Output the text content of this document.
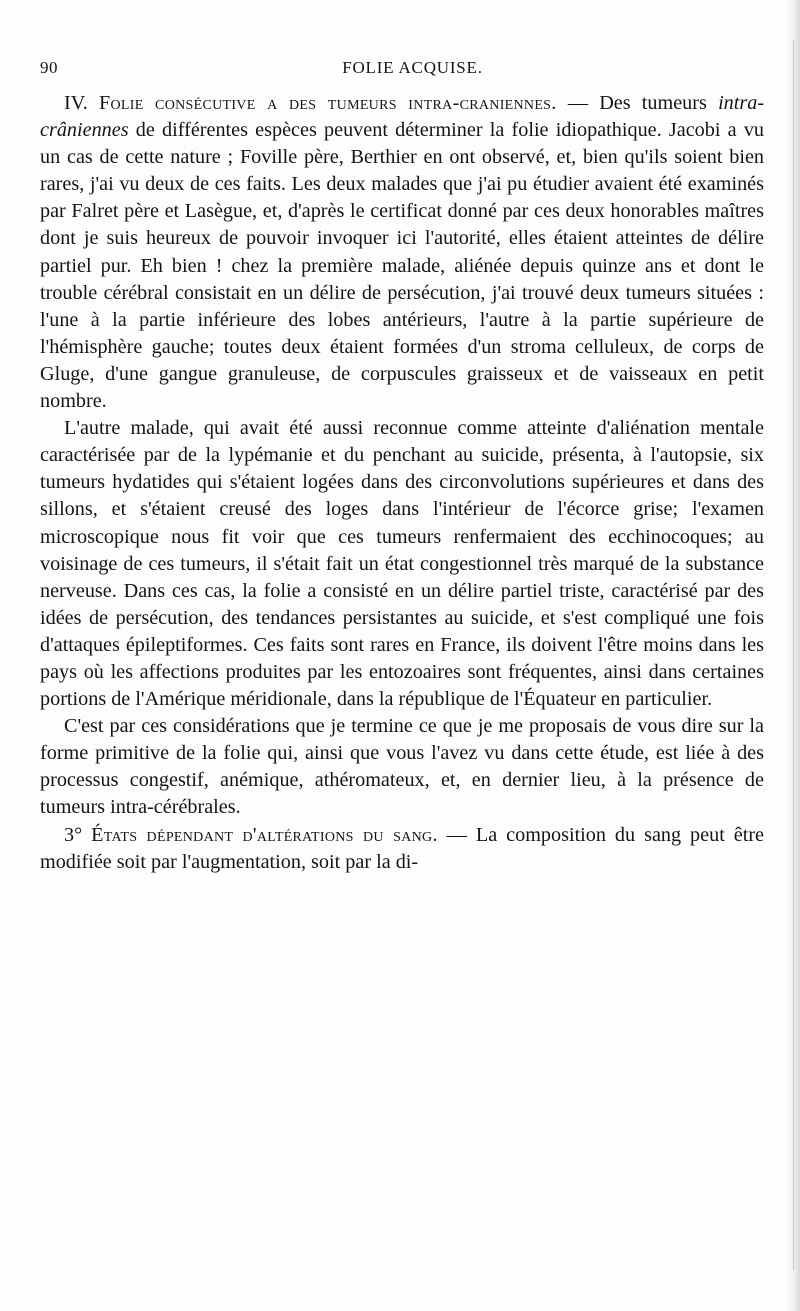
90	FOLIE ACQUISE.

IV. Folie consécutive a des tumeurs intra-craniennes. — Des tumeurs intra-crâniennes de différentes espèces peuvent déterminer la folie idiopathique. Jacobi a vu un cas de cette nature ; Foville père, Berthier en ont observé, et, bien qu'ils soient bien rares, j'ai vu deux de ces faits. Les deux malades que j'ai pu étudier avaient été examinés par Falret père et Lasègue, et, d'après le certificat donné par ces deux honorables maîtres dont je suis heureux de pouvoir invoquer ici l'autorité, elles étaient atteintes de délire partiel pur. Eh bien ! chez la première malade, aliénée depuis quinze ans et dont le trouble cérébral consistait en un délire de persécution, j'ai trouvé deux tumeurs situées : l'une à la partie inférieure des lobes antérieurs, l'autre à la partie supérieure de l'hémisphère gauche; toutes deux étaient formées d'un stroma celluleux, de corps de Gluge, d'une gangue granuleuse, de corpuscules graisseux et de vaisseaux en petit nombre.

L'autre malade, qui avait été aussi reconnue comme atteinte d'aliénation mentale caractérisée par de la lypémanie et du penchant au suicide, présenta, à l'autopsie, six tumeurs hydatides qui s'étaient logées dans des circonvolutions supérieures et dans des sillons, et s'étaient creusé des loges dans l'intérieur de l'écorce grise; l'examen microscopique nous fit voir que ces tumeurs renfermaient des ecchinocoques; au voisinage de ces tumeurs, il s'était fait un état congestionnel très marqué de la substance nerveuse. Dans ces cas, la folie a consisté en un délire partiel triste, caractérisé par des idées de persécution, des tendances persistantes au suicide, et s'est compliqué une fois d'attaques épileptiformes. Ces faits sont rares en France, ils doivent l'être moins dans les pays où les affections produites par les entozoaires sont fréquentes, ainsi dans certaines portions de l'Amérique méridionale, dans la république de l'Équateur en particulier.

C'est par ces considérations que je termine ce que je me proposais de vous dire sur la forme primitive de la folie qui, ainsi que vous l'avez vu dans cette étude, est liée à des processus congestif, anémique, athéromateux, et, en dernier lieu, à la présence de tumeurs intra-cérébrales.

3° États dépendant d'altérations du sang. — La composition du sang peut être modifiée soit par l'augmentation, soit par la di-
